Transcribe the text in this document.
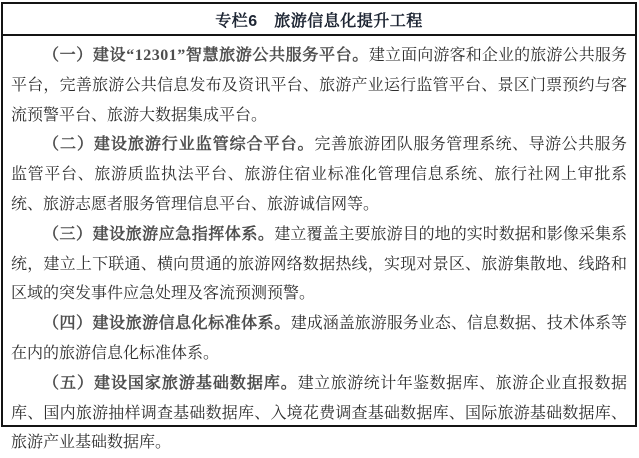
专栏6　旅游信息化提升工程

（一）建设“12301”智慧旅游公共服务平台。建立面向游客和企业的旅游公共服务平台，完善旅游公共信息发布及资讯平台、旅游产业运行监管平台、景区门票预约与客流预警平台、旅游大数据集成平台。

（二）建设旅游行业监管综合平台。完善旅游团队服务管理系统、导游公共服务监管平台、旅游质监执法平台、旅游住宿业标准化管理信息系统、旅行社网上审批系统、旅游志愿者服务管理信息平台、旅游诚信网等。

（三）建设旅游应急指挥体系。建立覆盖主要旅游目的地的实时数据和影像采集系统，建立上下联通、横向贯通的旅游网络数据热线，实现对景区、旅游集散地、线路和区域的突发事件应急处理及客流预测预警。

（四）建设旅游信息化标准体系。建成涵盖旅游服务业态、信息数据、技术体系等在内的旅游信息化标准体系。

（五）建设国家旅游基础数据库。建立旅游统计年鉴数据库、旅游企业直报数据库、国内旅游抽样调查基础数据库、入境花费调查基础数据库、国际旅游基础数据库、旅游产业基础数据库。
